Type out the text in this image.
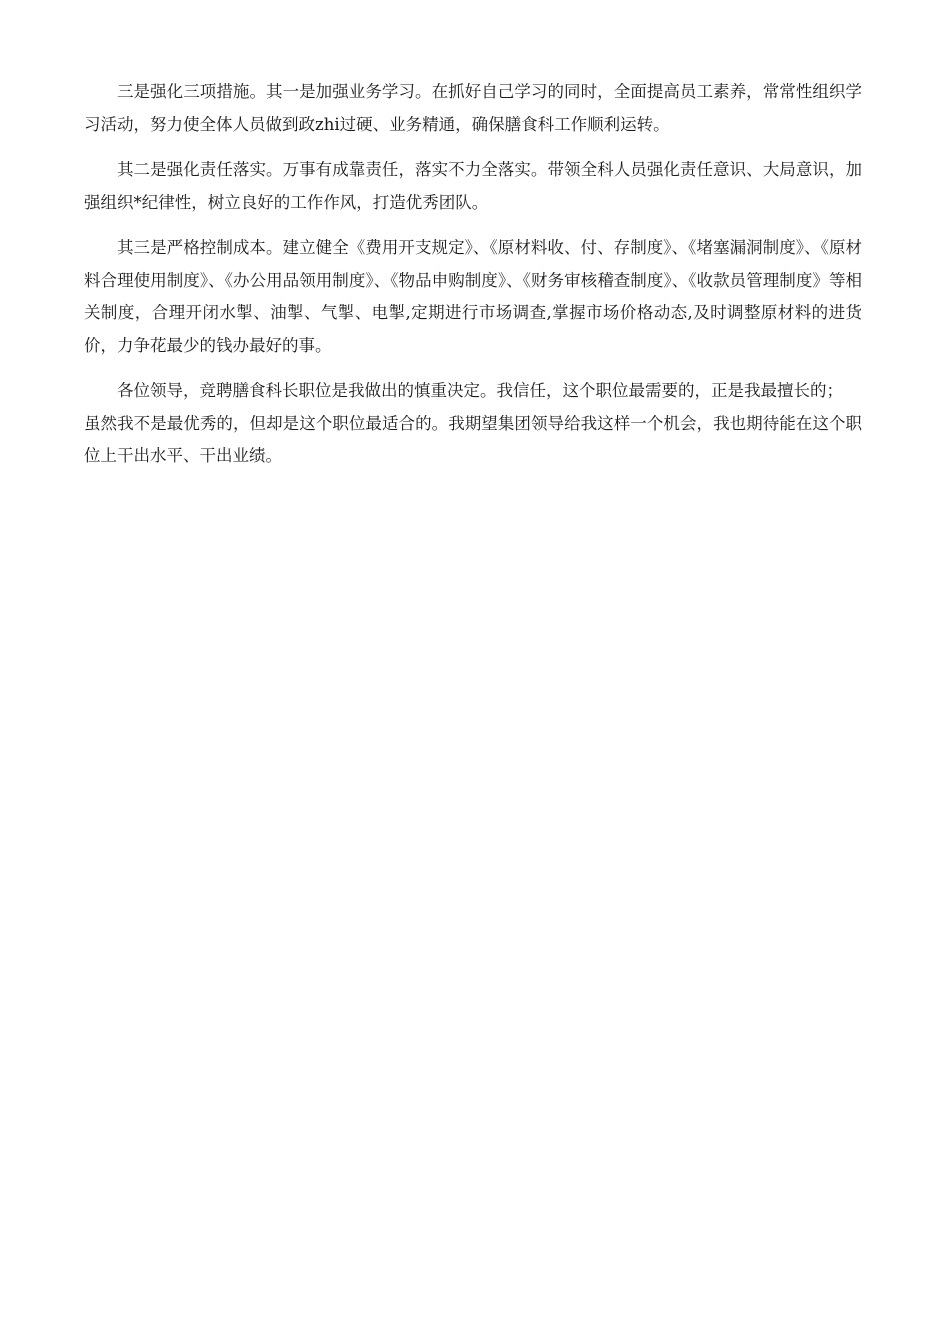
三是强化三项措施。其一是加强业务学习。在抓好自己学习的同时，全面提高员工素养，常常性组织学习活动，努力使全体人员做到政zhi过硬、业务精通，确保膳食科工作顺利运转。

其二是强化责任落实。万事有成靠责任，落实不力全落实。带领全科人员强化责任意识、大局意识，加强组织*纪律性，树立良好的工作作风，打造优秀团队。

其三是严格控制成本。建立健全《费用开支规定》、《原材料收、付、存制度》、《堵塞漏洞制度》、《原材料合理使用制度》、《办公用品领用制度》、《物品申购制度》、《财务审核稽查制度》、《收款员管理制度》等相关制度，合理开闭水掣、油掣、气掣、电掣,定期进行市场调查,掌握市场价格动态,及时调整原材料的进货价，力争花最少的钱办最好的事。

各位领导，竞聘膳食科长职位是我做出的慎重决定。我信任，这个职位最需要的，正是我最擅长的；

虽然我不是最优秀的，但却是这个职位最适合的。我期望集团领导给我这样一个机会，我也期待能在这个职位上干出水平、干出业绩。
